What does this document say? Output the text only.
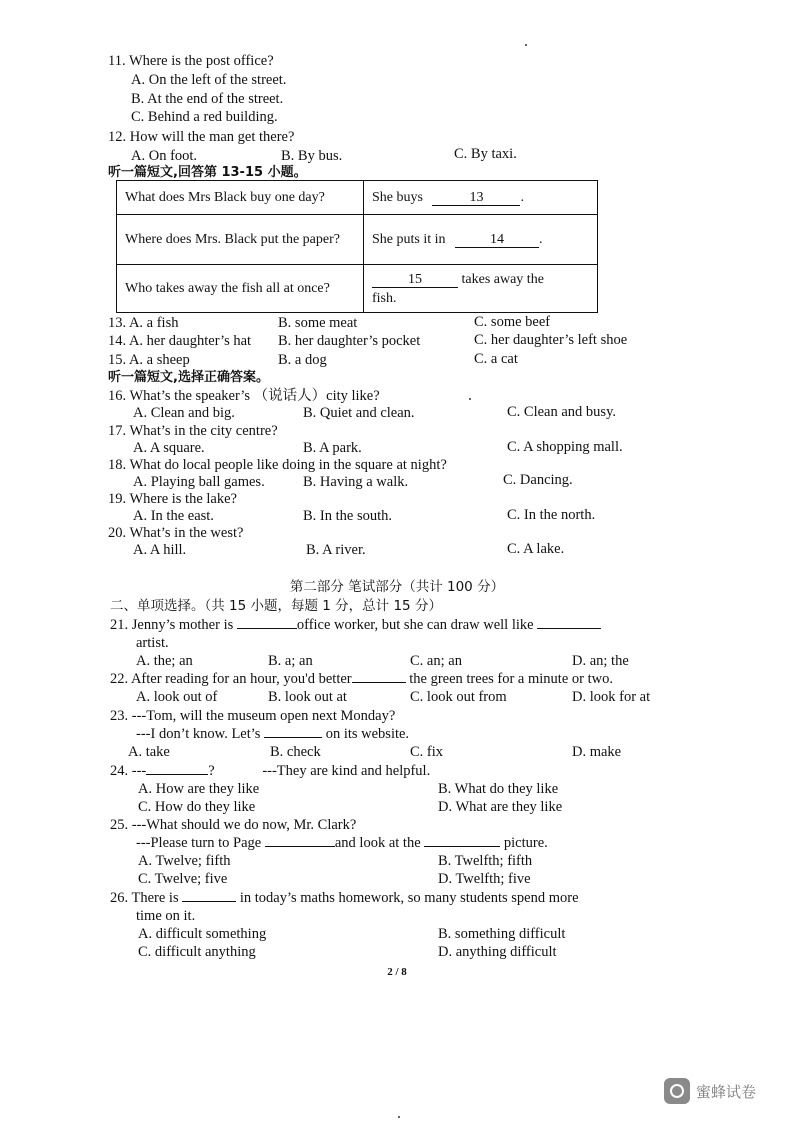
11. Where is the post office?
A. On the left of the street.
B. At the end of the street.
C. Behind a red building.
12. How will the man get there?
A. On foot.	B. By bus.	C. By taxi.
听一篇短文,回答第 13-15 小题。
What does Mrs Black buy one day?	She buys 13 .
Where does Mrs. Black put the paper?	She puts it in 14 .
Who takes away the fish all at once?	15 takes away the
fish.
13. A. a fish	B. some meat	C. some beef
14. A. her daughter’s hat B. her daughter’s pocket	C. her daughter’s left shoe
15. A. a sheep	B. a dog	C. a cat
听一篇短文,选择正确答案。
16. What’s the speaker’s （说话人）city like?
A. Clean and big.	B. Quiet and clean.	C. Clean and busy.
17. What’s in the city centre?
A. A square.	B. A park.	C. A shopping mall.
18. What do local people like doing in the square at night?
A. Playing ball games.	B. Having a walk.	C. Dancing.
19. Where is the lake?
A. In the east.	B. In the south.	C. In the north.
20. What’s in the west?
A. A hill.	B. A river.	C. A lake.
第二部分 笔试部分（共计 100 分）
二、单项选择。（共 15 小题，每题 1 分，总计 15 分）
21. Jenny’s mother is	office worker, but she can draw well like
artist.
A. the; an	B. a; an	C. an; an	D. an; the
22. After reading for an hour, you'd better	the green trees for a minute or two.
A. look out of	B. look out at	C. look out from	D. look for at
23. ---Tom, will the museum open next Monday?
---I don’t know. Let’s	on its website.
A. take	B. check	C. fix	D. make
24. ---	?	---They are kind and helpful.
A. How are they like	B. What do they like
C. How do they like	D. What are they like
25. ---What should we do now, Mr. Clark?
---Please turn to Page	and look at the	picture.
A. Twelve; fifth	B. Twelfth; fifth
C. Twelve; five	D. Twelfth; five
26. There is	in today’s maths homework, so many students spend more
time on it.
A. difficult something	B. something difficult
C. difficult anything	D. anything difficult
2 / 8
蜜蜂试卷
